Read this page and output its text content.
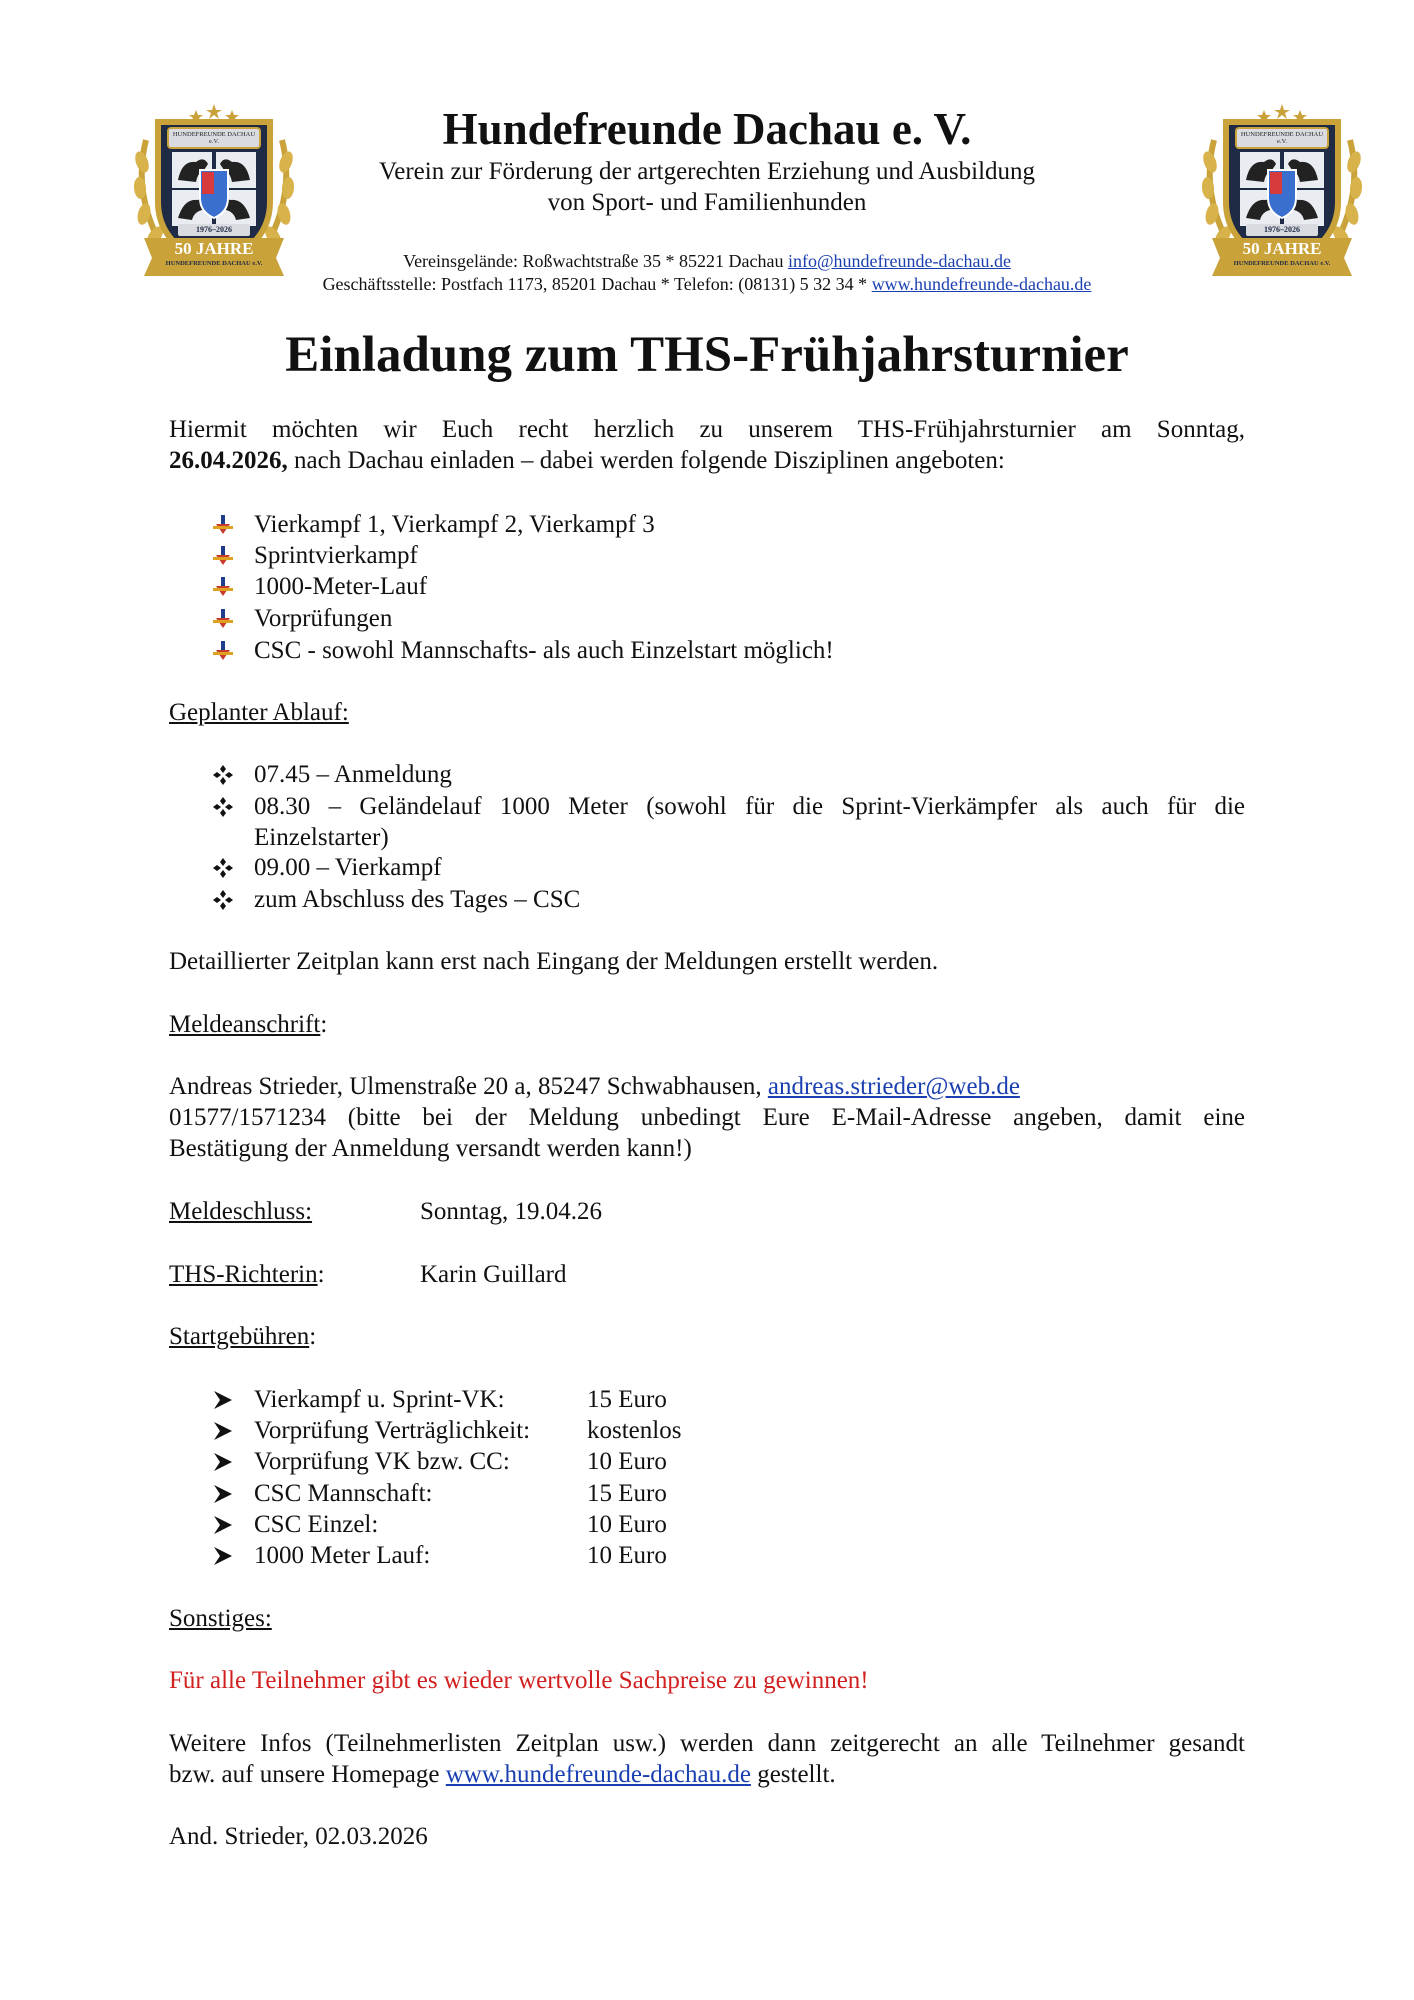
HUNDEFREUNDE DACHAU e.V.
1976–2026
50 JAHRE
HUNDEFREUNDE DACHAU e.V.
HUNDEFREUNDE DACHAU e.V.
1976–2026
50 JAHRE
HUNDEFREUNDE DACHAU e.V.
Hundefreunde Dachau e. V.
Verein zur Förderung der artgerechten Erziehung und Ausbildung
von Sport- und Familienhunden
Vereinsgelände: Roßwachtstraße 35 * 85221 Dachau info@hundefreunde-dachau.de
Geschäftsstelle: Postfach 1173, 85201 Dachau * Telefon: (08131) 5 32 34 * www.hundefreunde-dachau.de
Einladung zum THS-Frühjahrsturnier
Hiermit möchten wir Euch recht herzlich zu unserem THS-Frühjahrsturnier am Sonntag,
26.04.2026, nach Dachau einladen – dabei werden folgende Disziplinen angeboten:
Vierkampf 1, Vierkampf 2, Vierkampf 3
Sprintvierkampf
1000-Meter-Lauf
Vorprüfungen
CSC - sowohl Mannschafts- als auch Einzelstart möglich!
Geplanter Ablauf:
07.45 – Anmeldung
08.30 – Geländelauf 1000 Meter (sowohl für die Sprint-Vierkämpfer als auch für die
Einzelstarter)
09.00 – Vierkampf
zum Abschluss des Tages – CSC
Detaillierter Zeitplan kann erst nach Eingang der Meldungen erstellt werden.
Meldeanschrift:
Andreas Strieder, Ulmenstraße 20 a, 85247 Schwabhausen, andreas.strieder@web.de
01577/1571234 (bitte bei der Meldung unbedingt Eure E-Mail-Adresse angeben, damit eine
Bestätigung der Anmeldung versandt werden kann!)
Meldeschluss:	Sonntag, 19.04.26
THS-Richterin:	Karin Guillard
Startgebühren:
Vierkampf u. Sprint-VK:	15 Euro
Vorprüfung Verträglichkeit: kostenlos
Vorprüfung VK bzw. CC:	10 Euro
CSC Mannschaft:	15 Euro
CSC Einzel:	10 Euro
1000 Meter Lauf:	10 Euro
Sonstiges:
Für alle Teilnehmer gibt es wieder wertvolle Sachpreise zu gewinnen!
Weitere Infos (Teilnehmerlisten Zeitplan usw.) werden dann zeitgerecht an alle Teilnehmer gesandt
bzw. auf unsere Homepage www.hundefreunde-dachau.de gestellt.
And. Strieder, 02.03.2026
